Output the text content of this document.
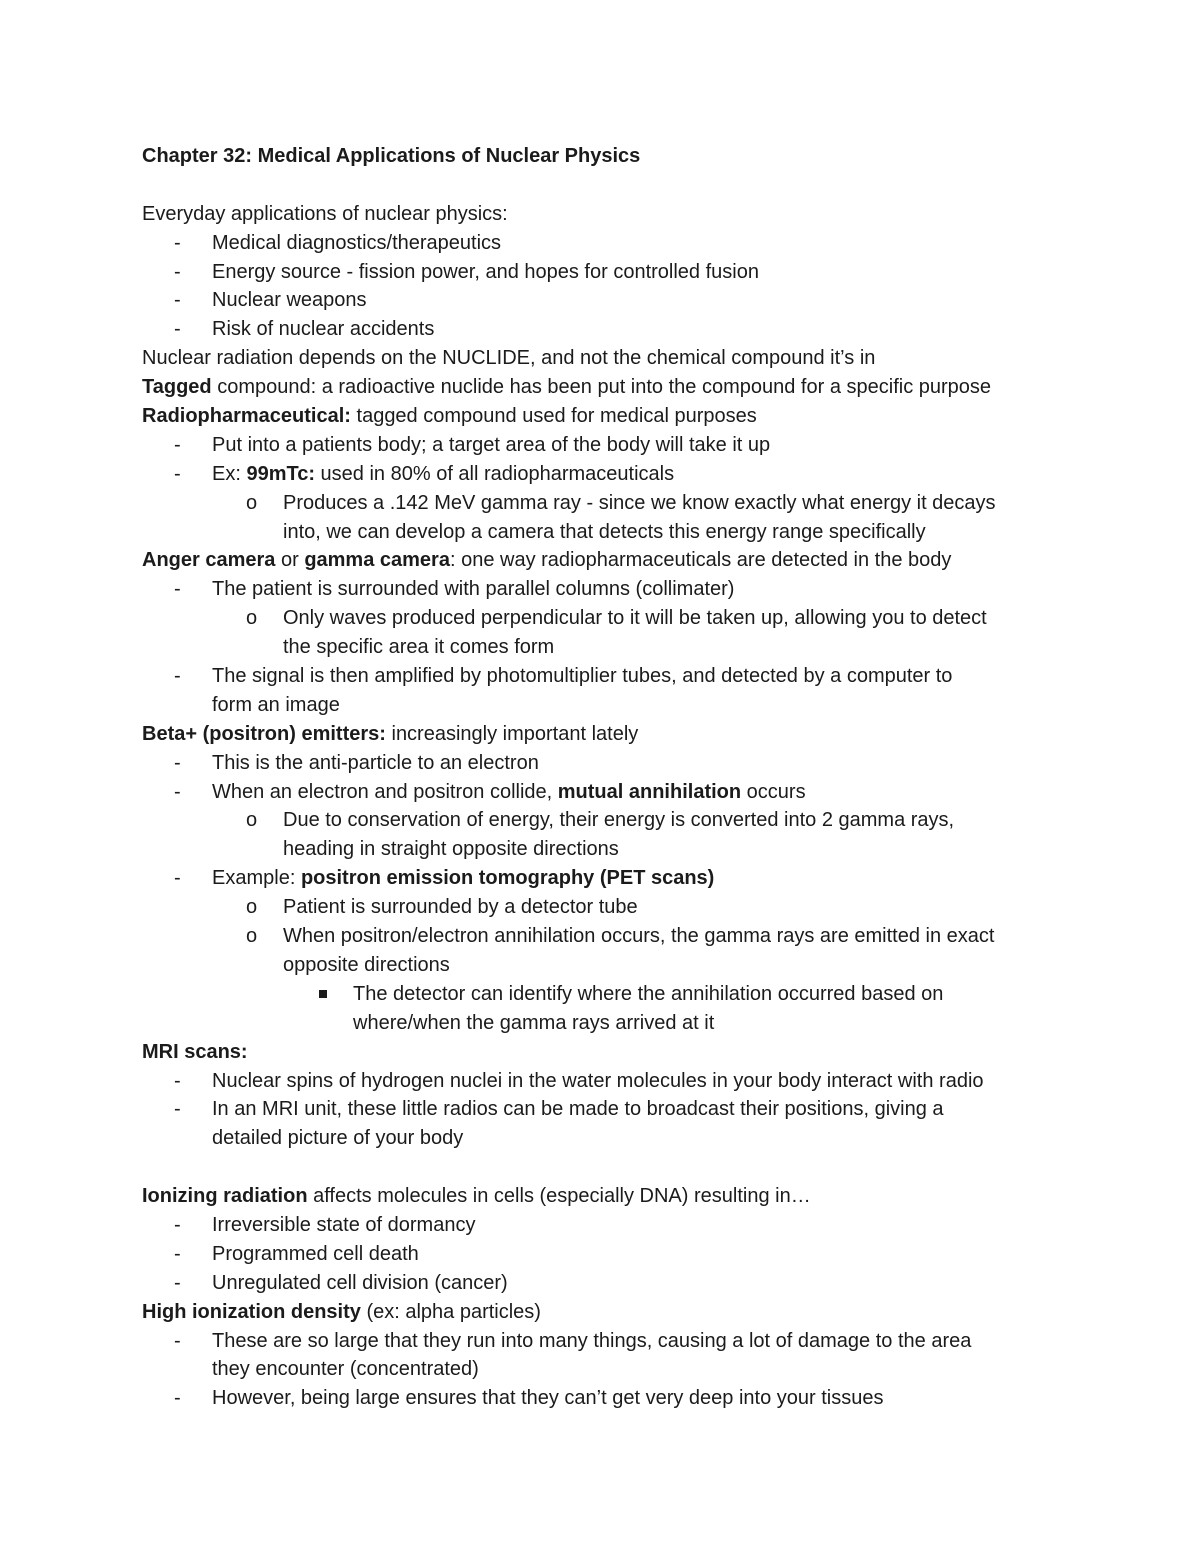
Chapter 32: Medical Applications of Nuclear Physics
Everyday applications of nuclear physics:
- Medical diagnostics/therapeutics
- Energy source - fission power, and hopes for controlled fusion
- Nuclear weapons
- Risk of nuclear accidents
Nuclear radiation depends on the NUCLIDE, and not the chemical compound it’s in
Tagged compound: a radioactive nuclide has been put into the compound for a specific purpose
Radiopharmaceutical: tagged compound used for medical purposes
- Put into a patients body; a target area of the body will take it up
- Ex: 99mTc: used in 80% of all radiopharmaceuticals
o Produces a .142 MeV gamma ray - since we know exactly what energy it decays
into, we can develop a camera that detects this energy range specifically
Anger camera or gamma camera: one way radiopharmaceuticals are detected in the body
- The patient is surrounded with parallel columns (collimater)
o Only waves produced perpendicular to it will be taken up, allowing you to detect
the specific area it comes form
- The signal is then amplified by photomultiplier tubes, and detected by a computer to
form an image
Beta+ (positron) emitters: increasingly important lately
- This is the anti-particle to an electron
- When an electron and positron collide, mutual annihilation occurs
o Due to conservation of energy, their energy is converted into 2 gamma rays,
heading in straight opposite directions
- Example: positron emission tomography (PET scans)
o Patient is surrounded by a detector tube
o When positron/electron annihilation occurs, the gamma rays are emitted in exact
opposite directions
The detector can identify where the annihilation occurred based on
where/when the gamma rays arrived at it
MRI scans:
- Nuclear spins of hydrogen nuclei in the water molecules in your body interact with radio
- In an MRI unit, these little radios can be made to broadcast their positions, giving a
detailed picture of your body
Ionizing radiation affects molecules in cells (especially DNA) resulting in…
- Irreversible state of dormancy
- Programmed cell death
- Unregulated cell division (cancer)
High ionization density (ex: alpha particles)
- These are so large that they run into many things, causing a lot of damage to the area
they encounter (concentrated)
- However, being large ensures that they can’t get very deep into your tissues
